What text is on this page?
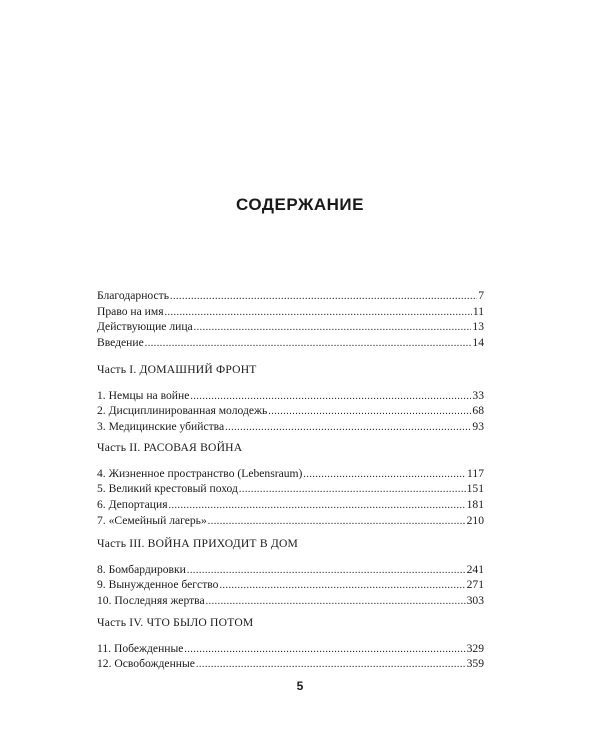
СОДЕРЖАНИЕ
Благодарность .....	7
Право на имя .....	11
Действующие лица .....	13
Введение .....	14
Часть I. ДОМАШНИЙ ФРОНТ
1. Немцы на войне .....	33
2. Дисциплинированная молодежь .....	68
3. Медицинские убийства .....	93
Часть II. РАСОВАЯ ВОЙНА
4. Жизненное пространство (Lebensraum) .....	117
5. Великий крестовый поход .....	151
6. Депортация .....	181
7. «Семейный лагерь» .....	210
Часть III. ВОЙНА ПРИХОДИТ В ДОМ
8. Бомбардировки .....	241
9. Вынужденное бегство .....	271
10. Последняя жертва .....	303
Часть IV. ЧТО БЫЛО ПОТОМ
11. Побежденные .....	329
12. Освобожденные .....	359
5
